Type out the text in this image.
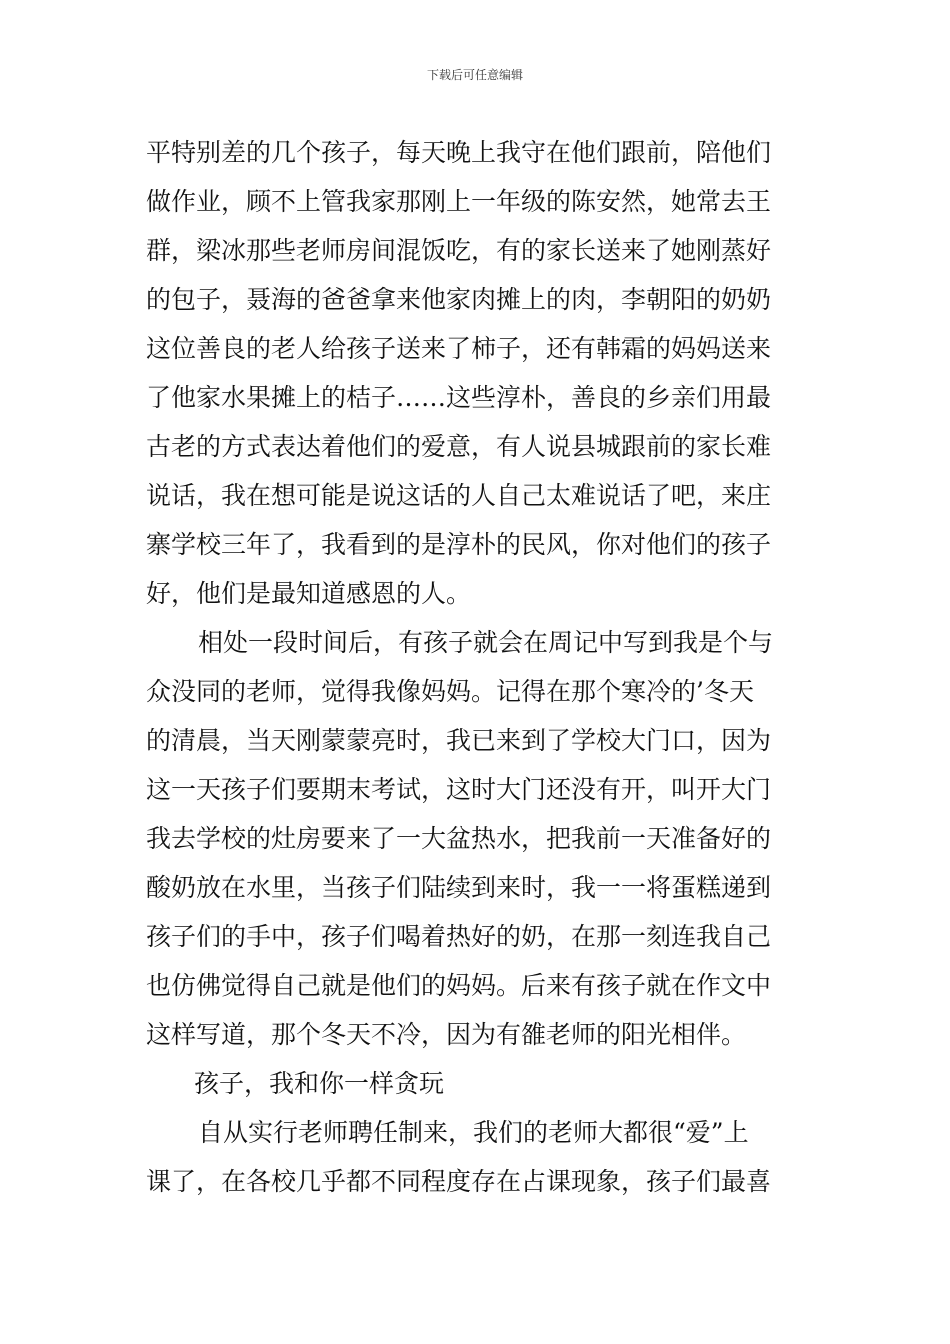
下载后可任意编辑
平特别差的几个孩子，每天晚上我守在他们跟前，陪他们
做作业，顾不上管我家那刚上一年级的陈安然，她常去王
群，梁冰那些老师房间混饭吃，有的家长送来了她刚蒸好
的包子，聂海的爸爸拿来他家肉摊上的肉，李朝阳的奶奶
这位善良的老人给孩子送来了柿子，还有韩霜的妈妈送来
了他家水果摊上的桔子……这些淳朴，善良的乡亲们用最
古老的方式表达着他们的爱意，有人说县城跟前的家长难
说话，我在想可能是说这话的人自己太难说话了吧，来庄
寨学校三年了，我看到的是淳朴的民风，你对他们的孩子
好，他们是最知道感恩的人。
相处一段时间后，有孩子就会在周记中写到我是个与
众没同的老师，觉得我像妈妈。记得在那个寒冷的’冬天
的清晨，当天刚蒙蒙亮时，我已来到了学校大门口，因为
这一天孩子们要期末考试，这时大门还没有开，叫开大门
我去学校的灶房要来了一大盆热水，把我前一天准备好的
酸奶放在水里，当孩子们陆续到来时，我一一将蛋糕递到
孩子们的手中，孩子们喝着热好的奶，在那一刻连我自己
也仿佛觉得自己就是他们的妈妈。后来有孩子就在作文中
这样写道，那个冬天不冷，因为有雒老师的阳光相伴。
孩子，我和你一样贪玩
自从实行老师聘任制来，我们的老师大都很“爱”上
课了，在各校几乎都不同程度存在占课现象，孩子们最喜
